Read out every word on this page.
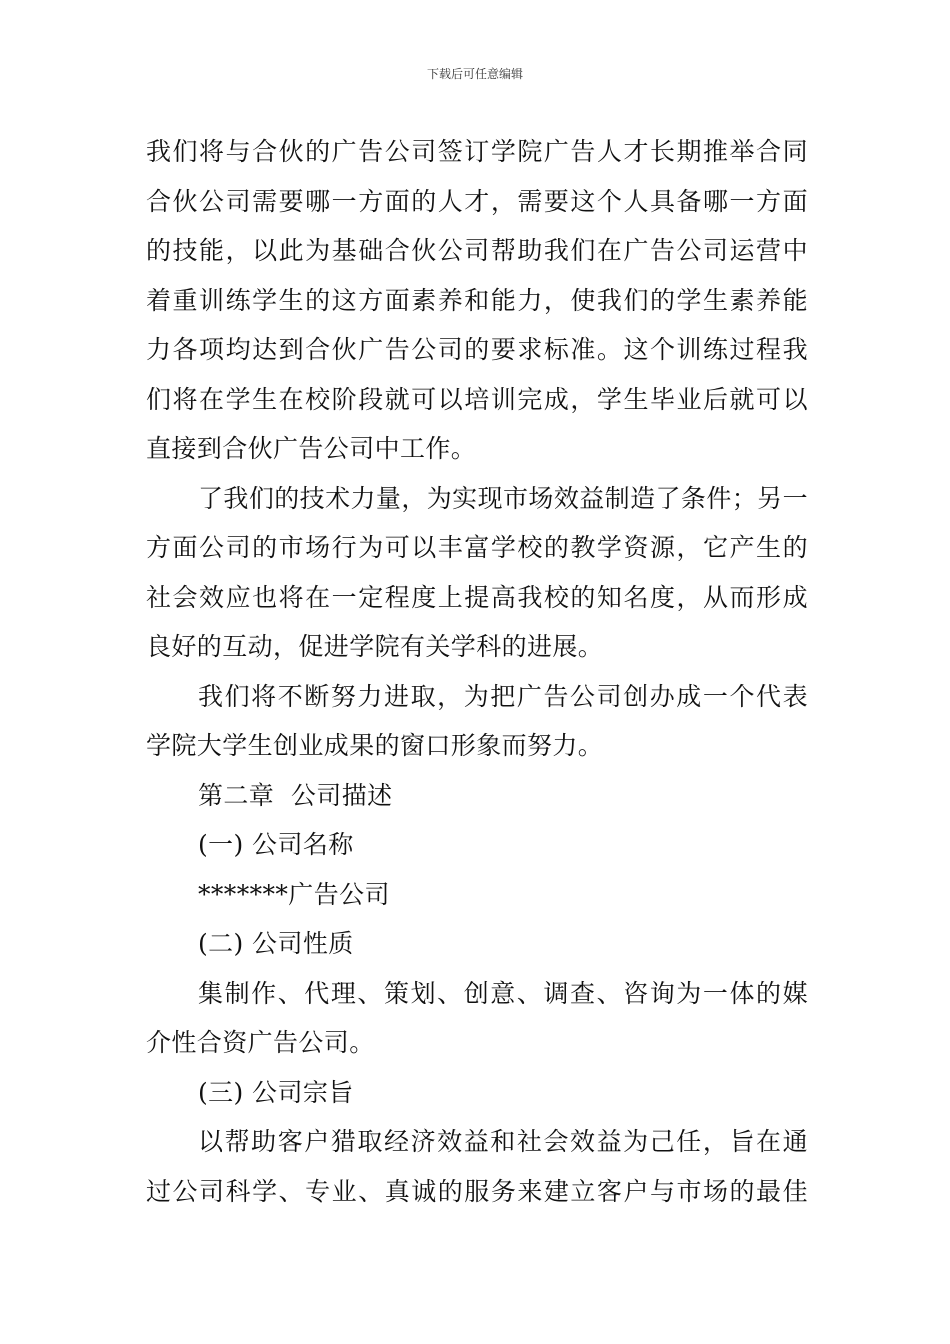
下载后可任意编辑
我们将与合伙的广告公司签订学院广告人才长期推举合同
合伙公司需要哪一方面的人才，需要这个人具备哪一方面
的技能，以此为基础合伙公司帮助我们在广告公司运营中
着重训练学生的这方面素养和能力，使我们的学生素养能
力各项均达到合伙广告公司的要求标准。这个训练过程我
们将在学生在校阶段就可以培训完成，学生毕业后就可以
直接到合伙广告公司中工作。
了我们的技术力量，为实现市场效益制造了条件；另一
方面公司的市场行为可以丰富学校的教学资源，它产生的
社会效应也将在一定程度上提高我校的知名度，从而形成
良好的互动，促进学院有关学科的进展。
我们将不断努力进取，为把广告公司创办成一个代表
学院大学生创业成果的窗口形象而努力。
第二章  公司描述
(一) 公司名称
*******广告公司
(二) 公司性质
集制作、代理、策划、创意、调查、咨询为一体的媒
介性合资广告公司。
(三) 公司宗旨
以帮助客户猎取经济效益和社会效益为己任，旨在通
过公司科学、专业、真诚的服务来建立客户与市场的最佳
